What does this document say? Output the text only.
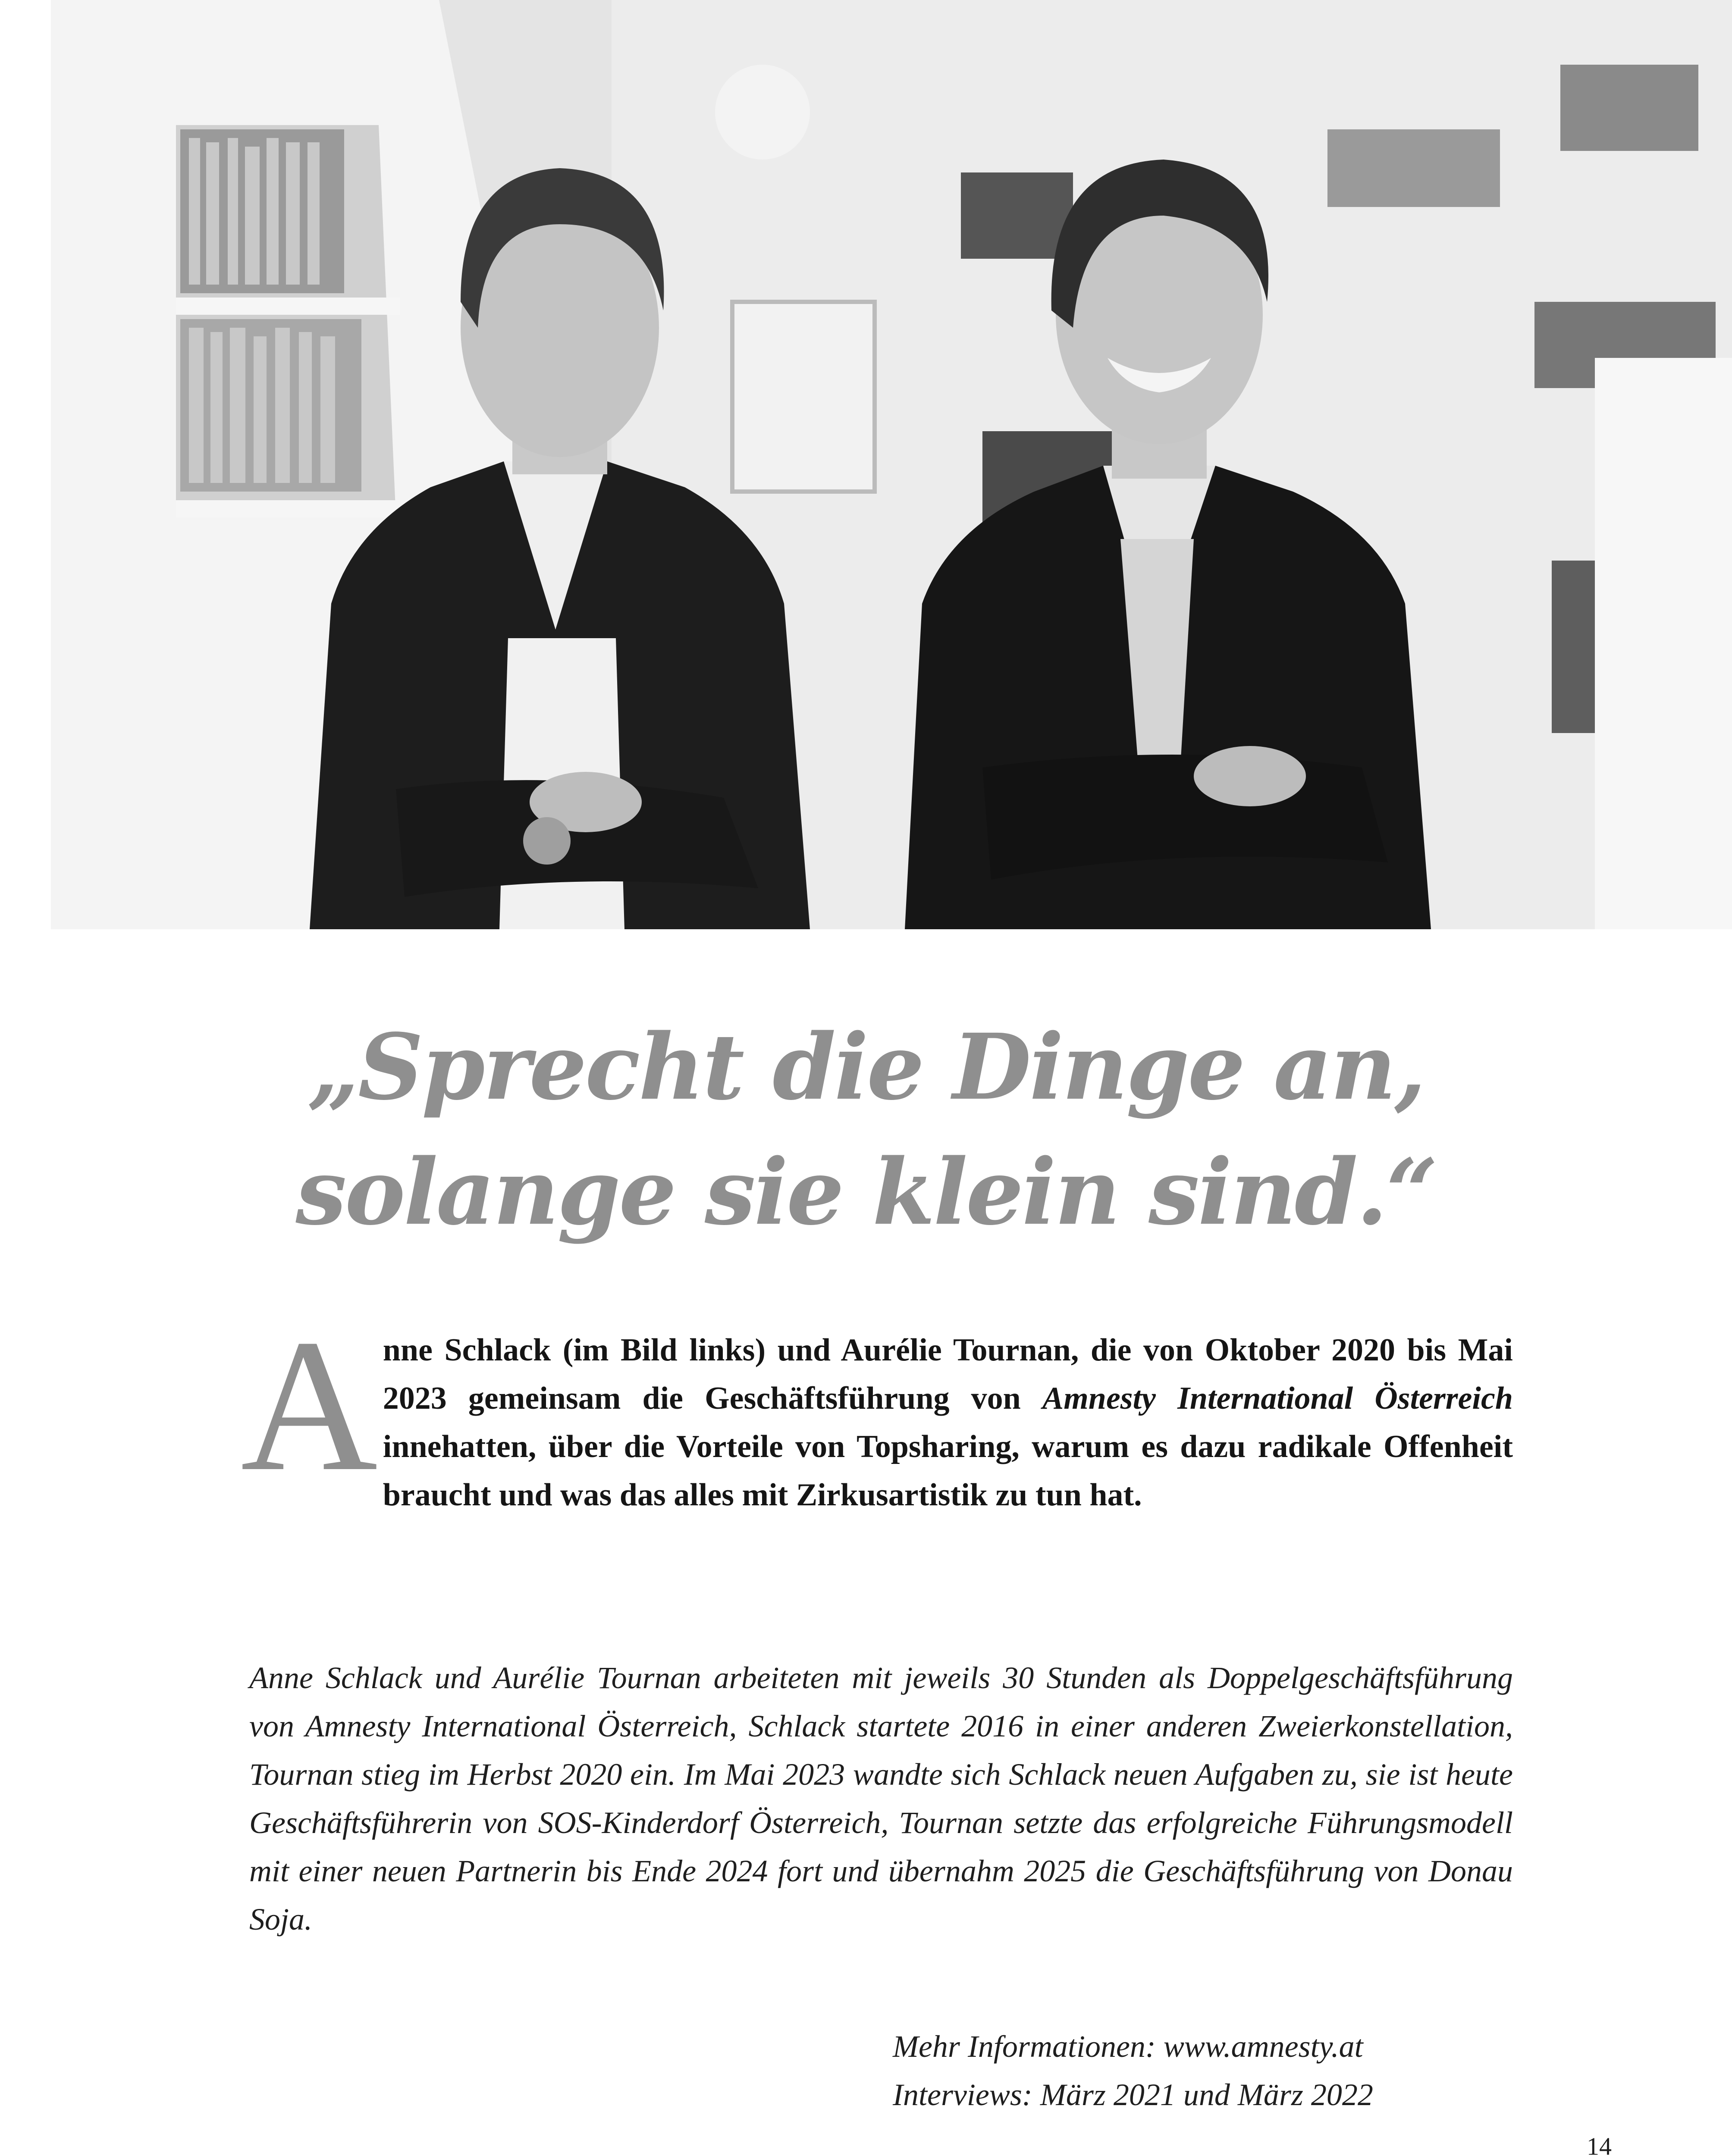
„Sprecht die Dinge an,
solange sie klein sind.“

Anne Schlack (im Bild links) und Aurélie Tournan, die von Oktober 2020 bis Mai 2023 gemeinsam die Geschäftsführung von Amnesty International Österreich innehatten, über die Vorteile von Topsharing, warum es dazu radikale Offenheit braucht und was das alles mit Zirkusartistik zu tun hat.

Anne Schlack und Aurélie Tournan arbeiteten mit jeweils 30 Stunden als Doppelgeschäftsführung von Amnesty International Österreich, Schlack startete 2016 in einer anderen Zweierkonstellation, Tournan stieg im Herbst 2020 ein. Im Mai 2023 wandte sich Schlack neuen Aufgaben zu, sie ist heute Geschäftsführerin von SOS-Kinderdorf Österreich, Tournan setzte das erfolgreiche Führungsmodell mit einer neuen Partnerin bis Ende 2024 fort und übernahm 2025 die Geschäftsführung von Donau Soja.

Mehr Informationen: www.amnesty.at
Interviews: März 2021 und März 2022
14
